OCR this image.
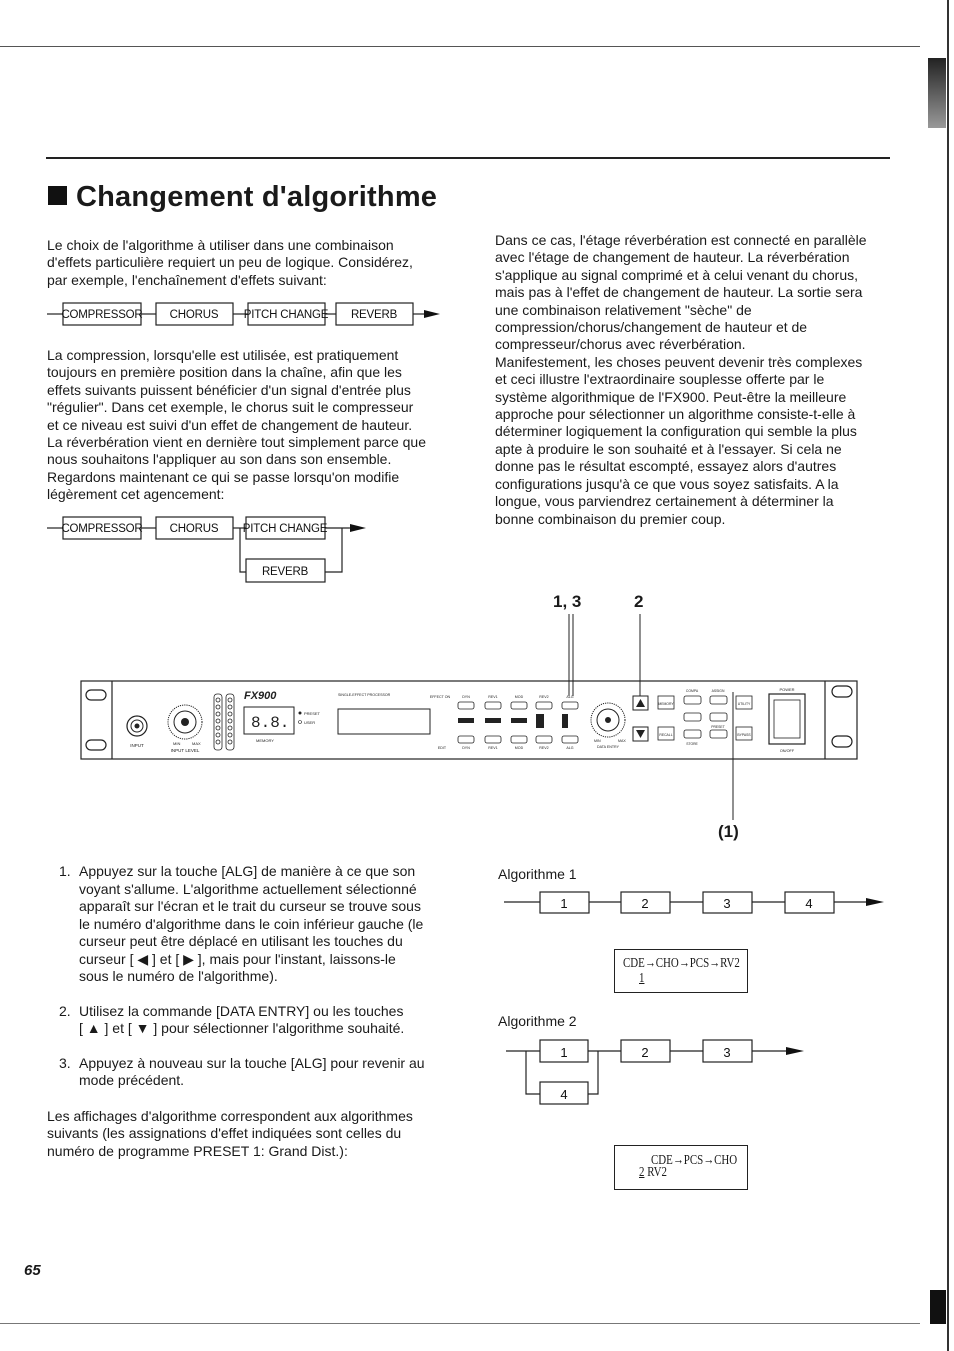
Changement d'algorithme

Le choix de l'algorithme à utiliser dans une combinaison

d'effets particulière requiert un peu de logique. Considérez,

par exemple, l'enchaînement d'effets suivant:

COMPRESSOR CHORUS PITCH CHANGE REVERB

La compression, lorsqu'elle est utilisée, est pratiquement

toujours en première position dans la chaîne, afin que les

effets suivants puissent bénéficier d'un signal d'entrée plus

"régulier". Dans cet exemple, le chorus suit le compresseur

et ce niveau est suivi d'un effet de changement de hauteur.

La réverbération vient en dernière tout simplement parce que

nous souhaitons l'appliquer au son dans son ensemble.

Regardons maintenant ce qui se passe lorsqu'on modifie

légèrement cet agencement:

COMPRESSOR CHORUS PITCH CHANGE
REVERB

Dans ce cas, l'étage réverbération est connecté en parallèle

avec l'étage de changement de hauteur. La réverbération

s'applique au signal comprimé et à celui venant du chorus,

mais pas à l'effet de changement de hauteur. La sortie sera

une combinaison relativement "sèche" de

compression/chorus/changement de hauteur et de

compresseur/chorus avec réverbération.

Manifestement, les choses peuvent devenir très complexes

et ceci illustre l'extraordinaire souplesse offerte par le

système algorithmique de l'FX900. Peut-être la meilleure

approche pour sélectionner un algorithme consiste-t-elle à

déterminer logiquement la configuration qui semble la plus

apte à produire le son souhaité et à l'essayer. Si cela ne

donne pas le résultat escompté, essayez alors d'autres

configurations jusqu'à ce que vous soyez satisfaits. A la

longue, vous parviendrez certainement à déterminer la

bonne combinaison du premier coup.

1, 3	2
(1)
INPUT	MIN	MAX
INPUT LEVEL
FX900	SINGLE-EFFECT PROCESSOR
8.8.
PRESET
USER
MEMORY
EFFECT ON	DYN	REV1	MOD	REV2	ALG
EDIT	DYN	REV1	MOD	REV2	ALG
MIN	MAX
DATA ENTRY
COMPA	ASSIGN
UTILITY
MEMORY
RECALL
STORE
PRESET
BYPASS
POWER
ON/OFF
1. Appuyez sur la touche [ALG] de manière à ce que son
voyant s'allume. L'algorithme actuellement sélectionné
apparaît sur l'écran et le trait du curseur se trouve sous
le numéro d'algorithme dans le coin inférieur gauche (le
curseur peut être déplacé en utilisant les touches du
curseur [ ◀ ] et [ ▶ ], mais pour l'instant, laissons-le
sous le numéro de l'algorithme).
2. Utilisez la commande [DATA ENTRY] ou les touches
[ ▲ ] et [ ▼ ] pour sélectionner l'algorithme souhaité.
3. Appuyez à nouveau sur la touche [ALG] pour revenir au
mode précédent.

Les affichages d'algorithme correspondent aux algorithmes

suivants (les assignations d'effet indiquées sont celles du

numéro de programme PRESET 1: Grand Dist.):

Algorithme 1
1	2	3	4
CDE→CHO→PCS→RV2
1
Algorithme 2
1	2	3
4
CDE→PCS→CHO
2 RV2
65
